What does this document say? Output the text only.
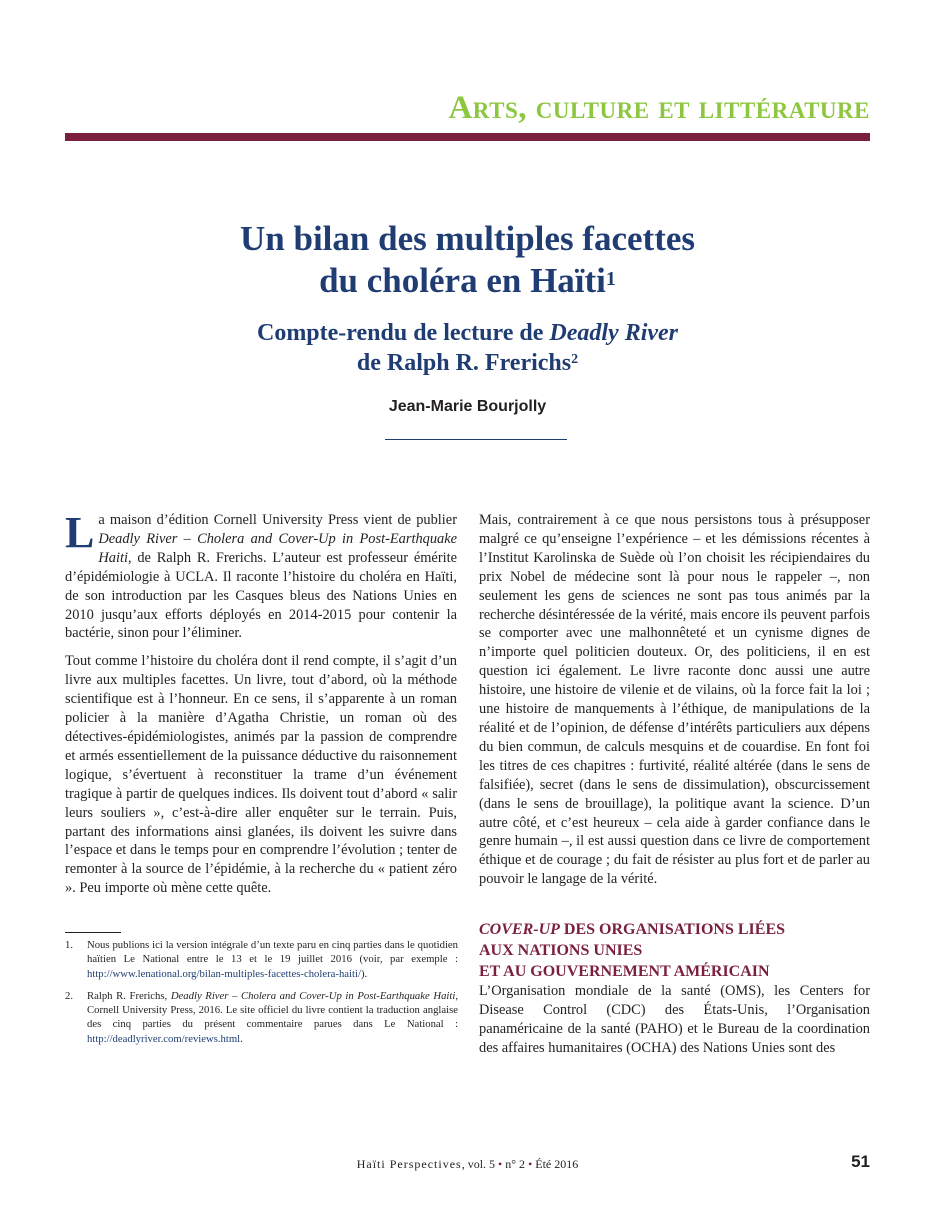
Arts, culture et littérature
Un bilan des multiples facettes
du choléra en Haïti$^1$
Compte-rendu de lecture de Deadly River
de Ralph R. Frerichs$^2$
Jean-Marie Bourjolly

La maison d’édition Cornell University Press vient de publier Deadly River – Cholera and Cover-Up in Post-Earthquake Haiti, de Ralph R. Frerichs. L’auteur est professeur émérite d’épidémiologie à UCLA. Il raconte l’histoire du choléra en Haïti, de son introduction par les Casques bleus des Nations Unies en 2010 jusqu’aux efforts déployés en 2014-2015 pour contenir la bactérie, sinon pour l’éliminer.

Tout comme l’histoire du choléra dont il rend compte, il s’agit d’un livre aux multiples facettes. Un livre, tout d’abord, où la méthode scientifique est à l’honneur. En ce sens, il s’apparente à un roman policier à la manière d’Agatha Christie, un roman où des détectives-épidémiologistes, animés par la passion de comprendre et armés essentiellement de la puissance déductive du raisonnement logique, s’évertuent à reconstituer la trame d’un événement tragique à partir de quelques indices. Ils doivent tout d’abord « salir leurs souliers », c’est-à-dire aller enquêter sur le terrain. Puis, partant des informations ainsi glanées, ils doivent les suivre dans l’espace et dans le temps pour en comprendre l’évolution ; tenter de remonter à la source de l’épidémie, à la recherche du « patient zéro ». Peu importe où mène cette quête.

1.	Nous publions ici la version intégrale d’un texte paru en cinq parties dans le quotidien haïtien Le National entre le 13 et le 19 juillet 2016 (voir, par exemple : http://www.lenational.org/bilan-multiples-facettes-cholera-haiti/).
2.	Ralph R. Frerichs, Deadly River – Cholera and Cover-Up in Post-Earthquake Haiti, Cornell University Press, 2016. Le site officiel du livre contient la traduction anglaise des cinq parties du présent commentaire parues dans Le National : http://deadlyriver.com/reviews.html.

Mais, contrairement à ce que nous persistons tous à présupposer malgré ce qu’enseigne l’expérience – et les démissions récentes à l’Institut Karolinska de Suède où l’on choisit les récipiendaires du prix Nobel de médecine sont là pour nous le rappeler –, non seulement les gens de sciences ne sont pas tous animés par la recherche désintéressée de la vérité, mais encore ils peuvent parfois se comporter avec une malhonnêteté et un cynisme dignes de n’importe quel politicien douteux. Or, des politiciens, il en est question ici également. Le livre raconte donc aussi une autre histoire, une histoire de vilenie et de vilains, où la force fait la loi ; une histoire de manquements à l’éthique, de manipulations de la réalité et de l’opinion, de défense d’intérêts particuliers aux dépens du bien commun, de calculs mesquins et de couardise. En font foi les titres de ces chapitres : furtivité, réalité altérée (dans le sens de falsifiée), secret (dans le sens de dissimulation), obscurcissement (dans le sens de brouillage), la politique avant la science. D’un autre côté, et c’est heureux – cela aide à garder confiance dans le genre humain –, il est aussi question dans ce livre de comportement éthique et de courage ; du fait de résister au plus fort et de parler au pouvoir le langage de la vérité.

COVER-UP DES ORGANISATIONS LIÉES
AUX NATIONS UNIES
ET AU GOUVERNEMENT AMÉRICAIN

L’Organisation mondiale de la santé (OMS), les Centers for Disease Control (CDC) des États-Unis, l’Organisation panaméricaine de la santé (PAHO) et le Bureau de la coordination des affaires humanitaires (OCHA) des Nations Unies sont des

Haïti Perspectives, vol. 5 • n° 2 • Été 2016	51
